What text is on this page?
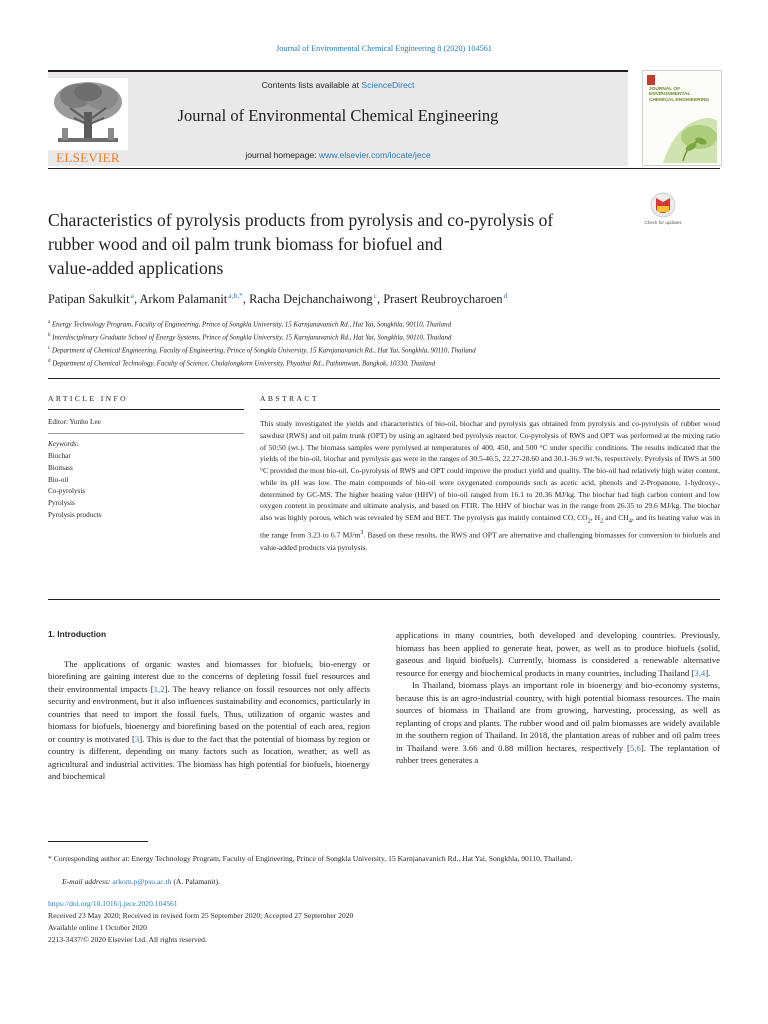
Journal of Environmental Chemical Engineering 8 (2020) 104561
ELSEVIER
Contents lists available at ScienceDirect
Journal of Environmental Chemical Engineering
journal homepage: www.elsevier.com/locate/jece
JOURNAL OF ENVIRONMENTAL CHEMICAL ENGINEERING
Characteristics of pyrolysis products from pyrolysis and co-pyrolysis of
rubber wood and oil palm trunk biomass for biofuel and
value-added applications
Check for updates
Patipan Sakulkit $^a$, Arkom Palamanit $^{a,b,*}$, Racha Dejchanchaiwong $^c$, Prasert Reubroycharoen $^d$
$^a$ Energy Technology Program, Faculty of Engineering, Prince of Songkla University, 15 Karnjanavanich Rd., Hat Yai, Songkhla, 90110, Thailand
$^b$ Interdisciplinary Graduate School of Energy Systems, Prince of Songkla University, 15 Karnjanavanich Rd., Hat Yai, Songkhla, 90110, Thailand
$^c$ Department of Chemical Engineering, Faculty of Engineering, Prince of Songkla University, 15 Karnjanavanich Rd., Hat Yai, Songkhla, 90110, Thailand
$^d$ Department of Chemical Technology, Faculty of Science, Chulalongkorn University, Phyathai Rd., Pathumwan, Bangkok, 10330, Thailand
ARTICLE INFO	ABSTRACT
Editor: Yunho Lee
Keywords:
Biochar
Biomass
Bio-oil
Co-pyrolysis
Pyrolysis
Pyrolysis products
This study investigated the yields and characteristics of bio-oil, biochar and pyrolysis gas obtained from pyrolysis and co-pyrolysis of rubber wood sawdust (RWS) and oil palm trunk (OPT) by using an agitated bed pyrolysis reactor. Co-pyrolysis of RWS and OPT was performed at the mixing ratio of 50:50 (wt.). The biomass samples were pyrolysed at temperatures of 400, 450, and 500 °C under specific conditions. The results indicated that the yields of the bio-oil, biochar and pyrolysis gas were in the ranges of 30.5-46.5, 22.27-28.60 and 30.1-36.9 wt.%, respectively. Pyrolysis of RWS at 500 °C provided the most bio-oil. Co-pyrolysis of RWS and OPT could improve the product yield and quality. The bio-oil had relatively high water content, while its pH was low. The main compounds of bio-oil were oxygenated compounds such as acetic acid, phenols and 2-Propanone, 1-hydroxy-, determined by GC-MS. The higher heating value (HHV) of bio-oil ranged from 16.1 to 20.36 MJ/kg. The biochar had high carbon content and low oxygen content in proximate and ultimate analysis, and based on FTIR. The HHV of biochar was in the range from 26.35 to 29.6 MJ/kg. The biochar also was highly porous, which was revealed by SEM and BET. The pyrolysis gas mainly contained CO, $CO_2$, $H_2$ and $CH_4$, and its heating value was in the range from 3.23 to 6.7 $MJ/m^3$. Based on these results, the RWS and OPT are alternative and challenging biomasses for conversion to biofuels and value-added products via pyrolysis.
1. Introduction

The applications of organic wastes and biomasses for biofuels, bio-energy or biorefining are gaining interest due to the concerns of depleting fossil fuel resources and their environmental impacts [1,2]. The heavy reliance on fossil resources not only affects security and environment, but it also influences sustainability and economics, particularly in countries that need to import the fossil fuels. Thus, utilization of organic wastes and biomass for biofuels, bioenergy and biorefining based on the potential of each area, region or country is motivated [3]. This is due to the fact that the potential of biomass by region or country is different, depending on many factors such as location, weather, as well as agricultural and industrial activities. The biomass has high potential for biofuels, bioenergy and biochemical

applications in many countries, both developed and developing countries. Previously, biomass has been applied to generate heat, power, as well as to produce biofuels (solid, gaseous and liquid biofuels). Currently, biomass is considered a renewable alternative resource for energy and biochemical products in many countries, including Thailand [3,4].

In Thailand, biomass plays an important role in bioenergy and bio-economy systems, because this is an agro-industrial country, with high potential biomass resources. The main sources of biomass in Thailand are from growing, harvesting, processing, as well as replanting of crops and plants. The rubber wood and oil palm biomasses are widely available in the southern region of Thailand. In 2018, the plantation areas of rubber and oil palm trees in Thailand were 3.66 and 0.88 million hectares, respectively [5,6]. The replantation of rubber trees generates a

* Corresponding author at: Energy Technology Program, Faculty of Engineering, Prince of Songkla University, 15 Karnjanavanich Rd., Hat Yai, Songkhla, 90110, Thailand.
E-mail address: arkom.p@psu.ac.th (A. Palamanit).
https://doi.org/10.1016/j.jece.2020.104561
Received 23 May 2020; Received in revised form 25 September 2020; Accepted 27 September 2020
Available online 1 October 2020
2213-3437/© 2020 Elsevier Ltd. All rights reserved.
